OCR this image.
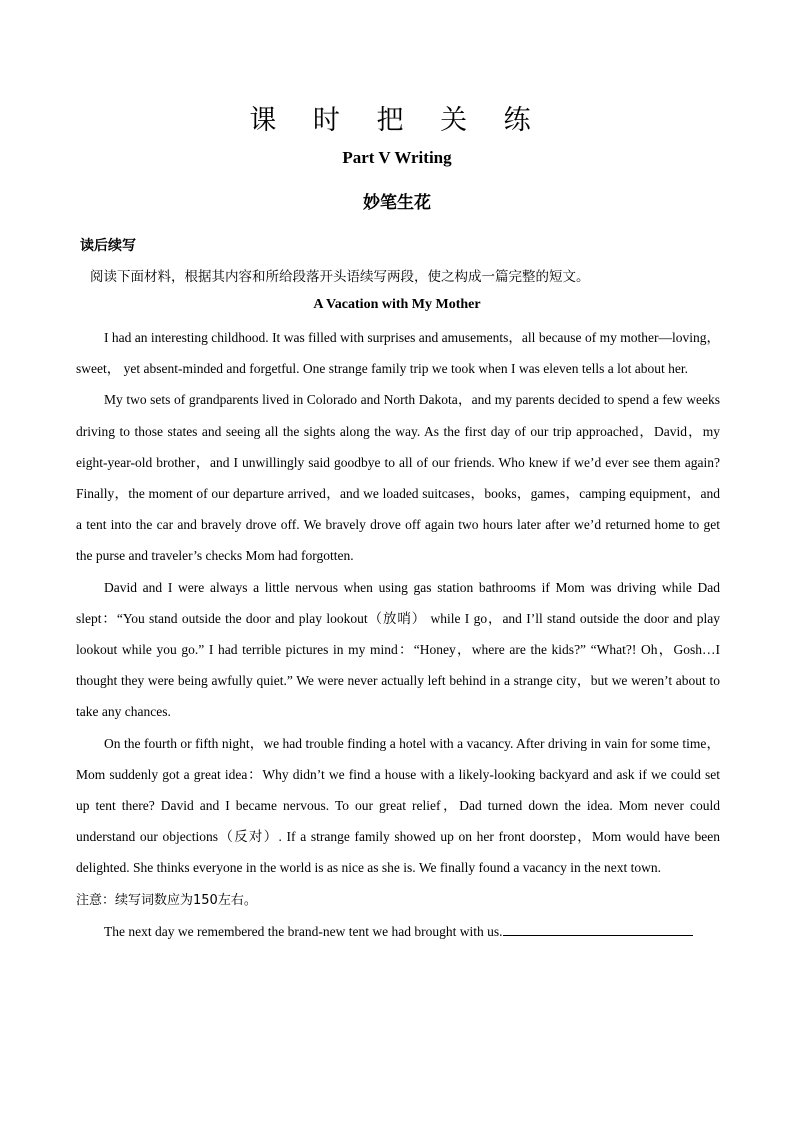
课 时 把 关 练
Part V Writing
妙笔生花
读后续写
阅读下面材料，根据其内容和所给段落开头语续写两段，使之构成一篇完整的短文。
A Vacation with My Mother

I had an interesting childhood. It was filled with surprises and amusements，all because of my mother—loving，sweet， yet absent-minded and forgetful. One strange family trip we took when I was eleven tells a lot about her.

My two sets of grandparents lived in Colorado and North Dakota，and my parents decided to spend a few weeks driving to those states and seeing all the sights along the way. As the first day of our trip approached，David，my eight-year-old brother，and I unwillingly said goodbye to all of our friends. Who knew if we’d ever see them again? Finally，the moment of our departure arrived，and we loaded suitcases，books，games，camping equipment，and a tent into the car and bravely drove off. We bravely drove off again two hours later after we’d returned home to get the purse and traveler’s checks Mom had forgotten.

David and I were always a little nervous when using gas station bathrooms if Mom was driving while Dad slept：“You stand outside the door and play lookout（放哨） while I go，and I’ll stand outside the door and play lookout while you go.” I had terrible pictures in my mind：“Honey，where are the kids?” “What?! Oh，Gosh…I thought they were being awfully quiet.” We were never actually left behind in a strange city，but we weren’t about to take any chances.

On the fourth or fifth night，we had trouble finding a hotel with a vacancy. After driving in vain for some time，Mom suddenly got a great idea：Why didn’t we find a house with a likely-looking backyard and ask if we could set up tent there? David and I became nervous. To our great relief，Dad turned down the idea. Mom never could understand our objections（反对）. If a strange family showed up on her front doorstep，Mom would have been delighted. She thinks everyone in the world is as nice as she is. We finally found a vacancy in the next town.

注意：续写词数应为150左右。

The next day we remembered the brand-new tent we had brought with us.
